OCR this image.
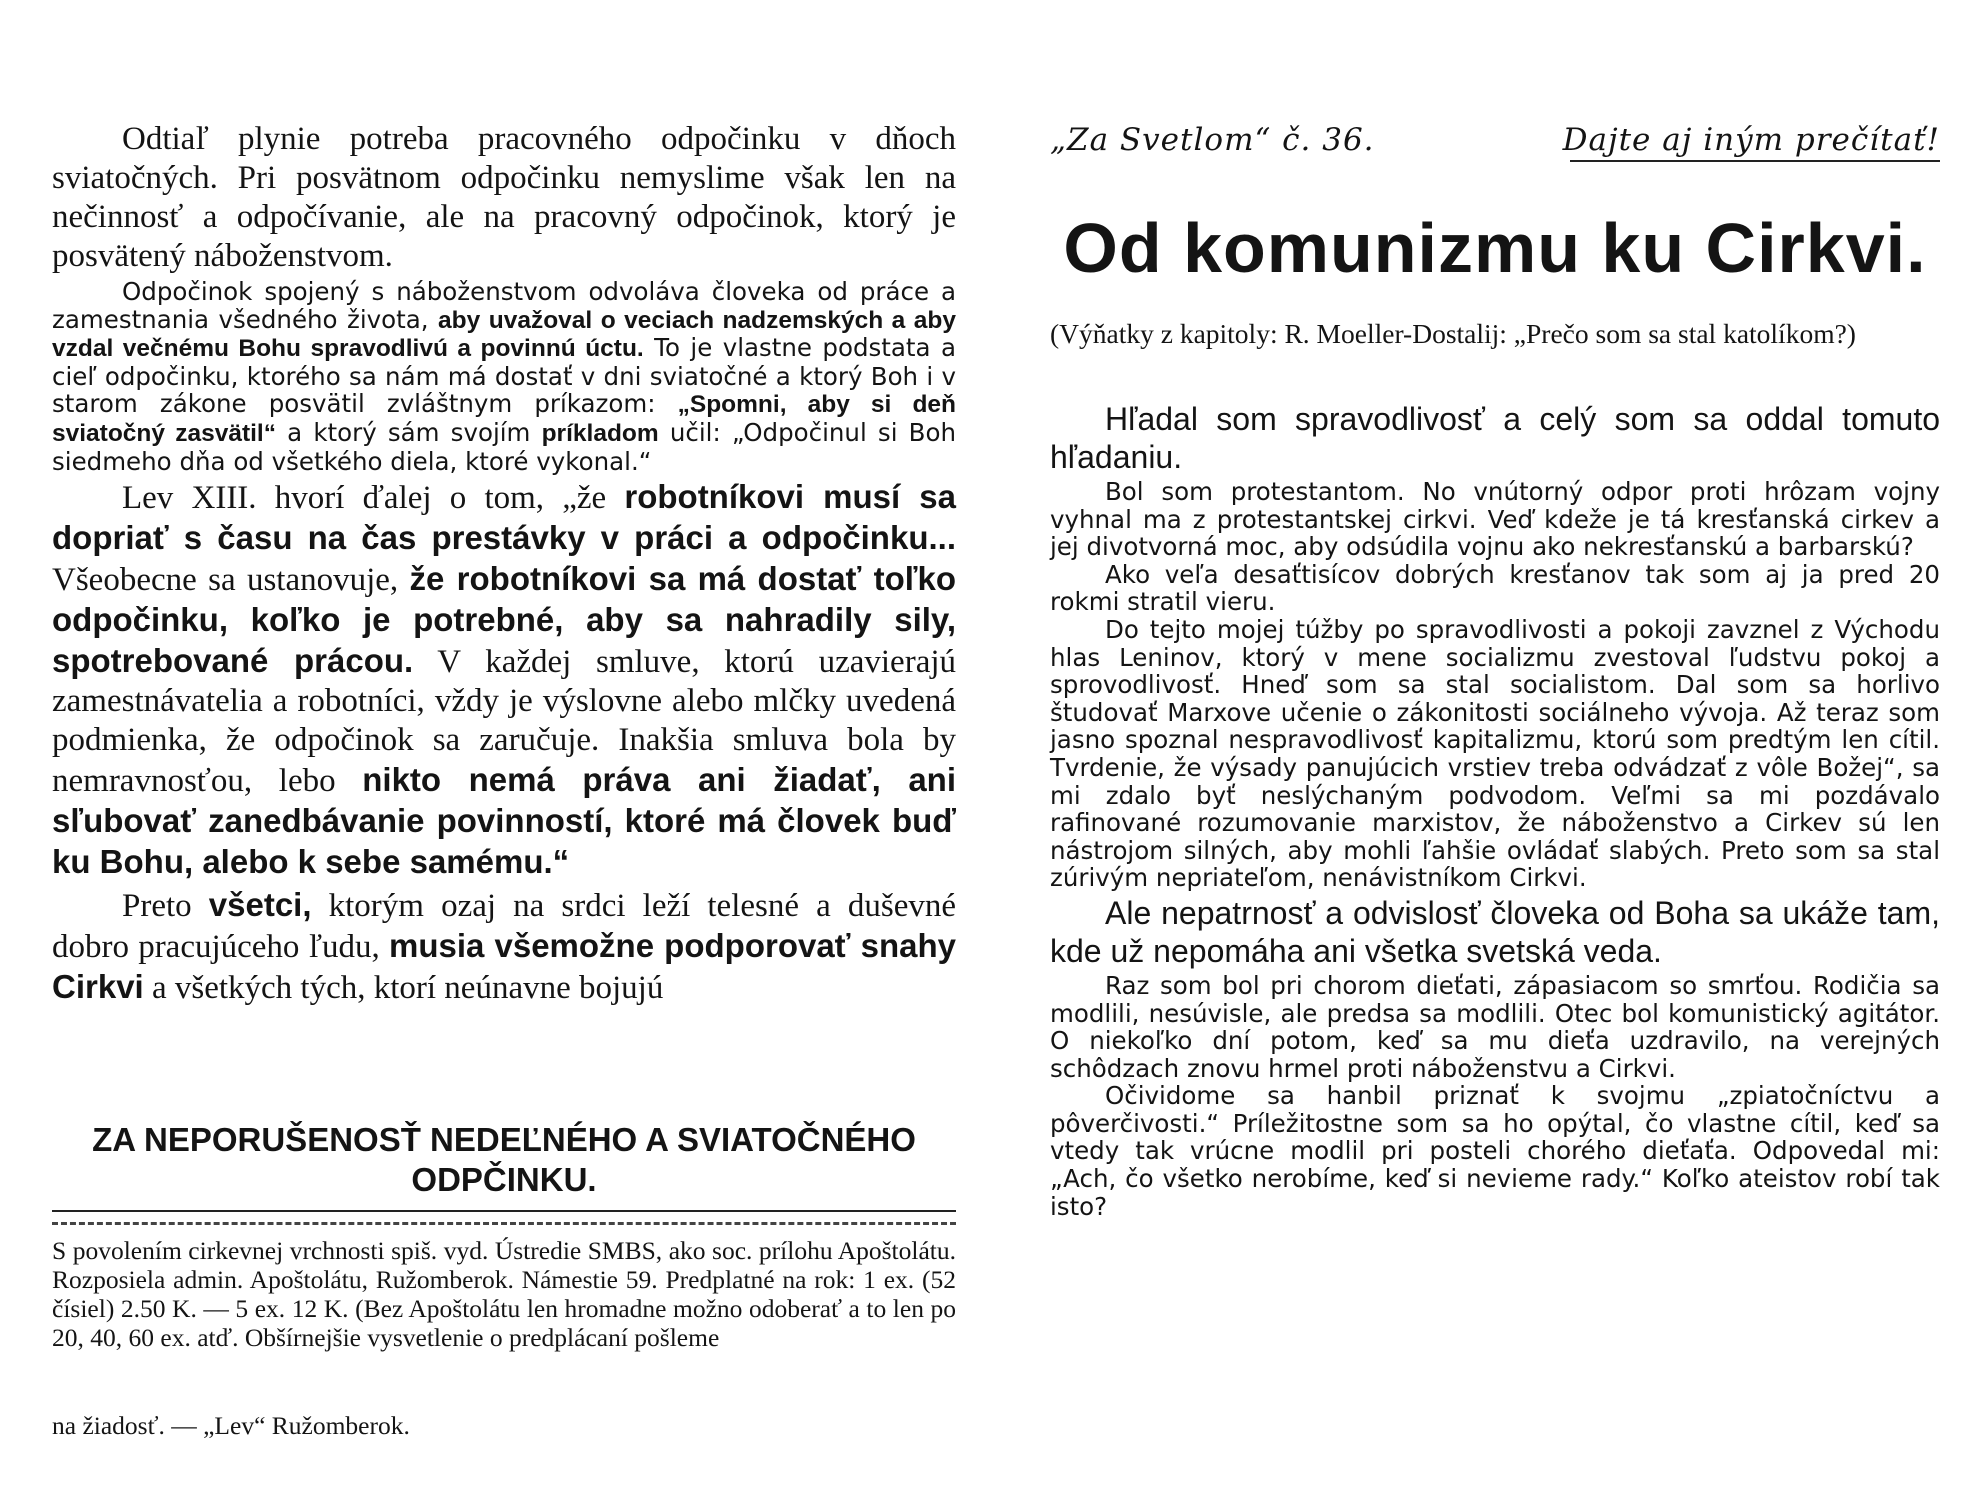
Odtiaľ plynie potreba pracovného odpočinku v dňoch sviatočných. Pri posvätnom odpočinku nemyslime však len na nečinnosť a odpočívanie, ale na pracovný odpočinok, ktorý je posvätený náboženstvom.

Odpočinok spojený s náboženstvom odvoláva človeka od práce a zamestnania všedného života, aby uvažoval o veciach nadzemských a aby vzdal večnému Bohu spravodlivú a povinnú úctu. To je vlastne podstata a cieľ odpočinku, ktorého sa nám má dostať v dni sviatočné a ktorý Boh i v starom zákone posvätil zvláštnym príkazom: „Spomni, aby si deň sviatočný zasvätil“ a ktorý sám svojím príkladom učil: „Odpočinul si Boh siedmeho dňa od všetkého diela, ktoré vykonal.“

Lev XIII. hvorí ďalej o tom, „že robotníkovi musí sa dopriať s času na čas prestávky v práci a odpočinku... Všeobecne sa ustanovuje, že robotníkovi sa má dostať toľko odpočinku, koľko je potrebné, aby sa nahradily sily, spotrebované prácou. V každej smluve, ktorú uzavierajú zamestnávatelia a robotníci, vždy je výslovne alebo mlčky uvedená podmienka, že odpočinok sa zaručuje. Inakšia smluva bola by nemravnosťou, lebo nikto nemá práva ani žiadať, ani sľubovať zanedbávanie povinností, ktoré má človek buď ku Bohu, alebo k sebe samému.“

Preto všetci, ktorým ozaj na srdci leží telesné a duševné dobro pracujúceho ľudu, musia všemožne podporovať snahy Cirkvi a všetkých tých, ktorí neúnavne bojujú

ZA NEPORUŠENOSŤ NEDEĽNÉHO A SVIATOČNÉHO ODPČINKU.

S povolením cirkevnej vrchnosti spiš. vyd. Ústredie SMBS, ako soc. prílohu Apoštolátu. Rozposiela admin. Apoštolátu, Ružomberok. Námestie 59. Predplatné na rok: 1 ex. (52 čísiel) 2.50 K. — 5 ex. 12 K. (Bez Apoštolátu len hromadne možno odoberať a to len po 20, 40, 60 ex. atď. Obšírnejšie vysvetlenie o predplácaní pošleme

na žiadosť. — „Lev“ Ružomberok.

„Za Svetlom“ č. 36.	Dajte aj iným prečítať!
Od komunizmu ku Cirkvi.

(Výňatky z kapitoly: R. Moeller-Dostalij: „Prečo som sa stal katolíkom?)

Hľadal som spravodlivosť a celý som sa oddal tomuto hľadaniu.

Bol som protestantom. No vnútorný odpor proti hrôzam vojny vyhnal ma z protestantskej cirkvi. Veď kdeže je tá kresťanská cirkev a jej divotvorná moc, aby odsúdila vojnu ako nekresťanskú a barbarskú?

Ako veľa desaťtisícov dobrých kresťanov tak som aj ja pred 20 rokmi stratil vieru.

Do tejto mojej túžby po spravodlivosti a pokoji zavznel z Východu hlas Leninov, ktorý v mene socializmu zvestoval ľudstvu pokoj a sprovodlivosť. Hneď som sa stal socialistom. Dal som sa horlivo študovať Marxove učenie o zákonitosti sociálneho vývoja. Až teraz som jasno spoznal nespravodlivosť kapitalizmu, ktorú som predtým len cítil. Tvrdenie, že výsady panujúcich vrstiev treba odvádzať z vôle Božej“, sa mi zdalo byť neslýchaným podvodom. Veľmi sa mi pozdávalo rafinované rozumovanie marxistov, že náboženstvo a Cirkev sú len nástrojom silných, aby mohli ľahšie ovládať slabých. Preto som sa stal zúrivým nepriateľom, nenávistníkom Cirkvi.

Ale nepatrnosť a odvislosť človeka od Boha sa ukáže tam, kde už nepomáha ani všetka svetská veda.

Raz som bol pri chorom dieťati, zápasiacom so smrťou. Rodičia sa modlili, nesúvisle, ale predsa sa modlili. Otec bol komunistický agitátor. O niekoľko dní potom, keď sa mu dieťa uzdravilo, na verejných schôdzach znovu hrmel proti náboženstvu a Cirkvi.

Očividome sa hanbil priznať k svojmu „zpiatočníctvu a pôverčivosti.“ Príležitostne som sa ho opýtal, čo vlastne cítil, keď sa vtedy tak vrúcne modlil pri posteli chorého dieťaťa. Odpovedal mi: „Ach, čo všetko nerobíme, keď si nevieme rady.“ Koľko ateistov robí tak isto?
